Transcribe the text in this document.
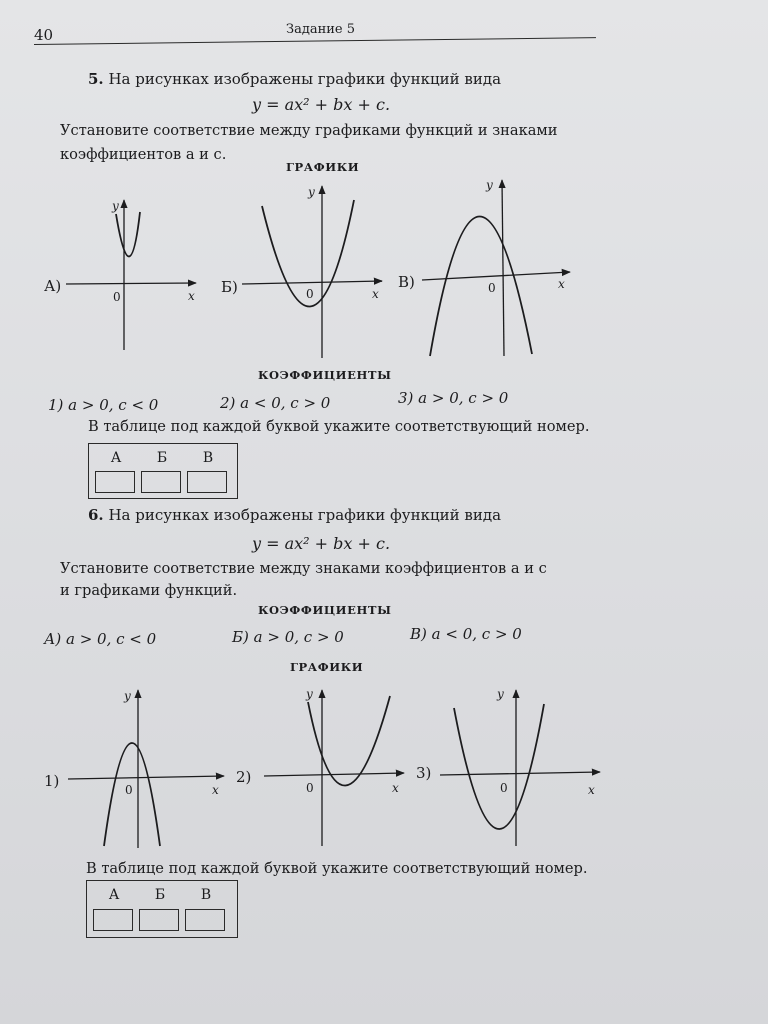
40	Задание 5
5. На рисунках изображены графики функций вида
y = ax² + bx + c.
Установите соответствие между графиками функций и знаками
коэффициентов a и c.
ГРАФИКИ
А)
y
x
0
Б)
y
x
0
В)
y
x
0
КОЭФФИЦИЕНТЫ
1) a > 0, c < 0	2) a < 0, c > 0	3) a > 0, c > 0
В таблице под каждой буквой укажите соответствующий номер.
А	Б	В
6. На рисунках изображены графики функций вида
y = ax² + bx + c.
Установите соответствие между знаками коэффициентов a и c
и графиками функций.
КОЭФФИЦИЕНТЫ
А) a > 0, c < 0	Б) a > 0, c > 0	В) a < 0, c > 0
ГРАФИКИ
1)
y
x
0
2)
y
x
0
3)
y
x
0
В таблице под каждой буквой укажите соответствующий номер.
А	Б	В
